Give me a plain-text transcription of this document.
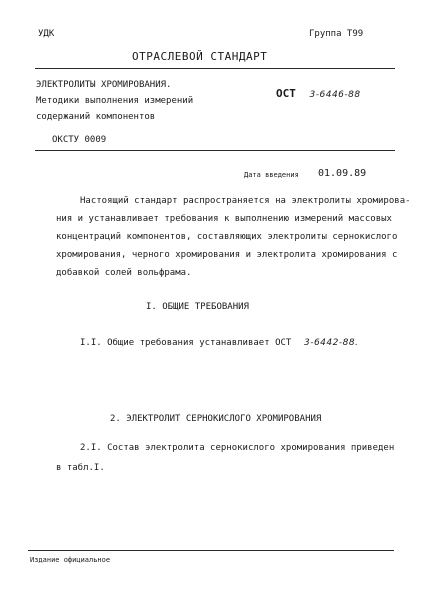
УДК	Группа Т99
ОТРАСЛЕВОЙ СТАНДАРТ
ЭЛЕКТРОЛИТЫ ХРОМИРОВАНИЯ.
Методики выполнения измерений
содержаний компонентов
ОКСТУ 0009
ОСТ 3-6446-88
Дата введения 01.09.89
Настоящий стандарт распространяется на электролиты хромирова-
ния и устанавливает требования к выполнению измерений массовых
концентраций компонентов, составляющих электролиты сернокислого
хромирования, черного хромирования и электролита хромирования с
добавкой солей вольфрама.
I. ОБЩИЕ ТРЕБОВАНИЯ
I.I. Общие требования устанавливает ОСТ 3-6442-88.
2. ЭЛЕКТРОЛИТ СЕРНОКИСЛОГО ХРОМИРОВАНИЯ
2.I. Состав электролита сернокислого хромирования приведен
в табл.I.
Издание официальное
